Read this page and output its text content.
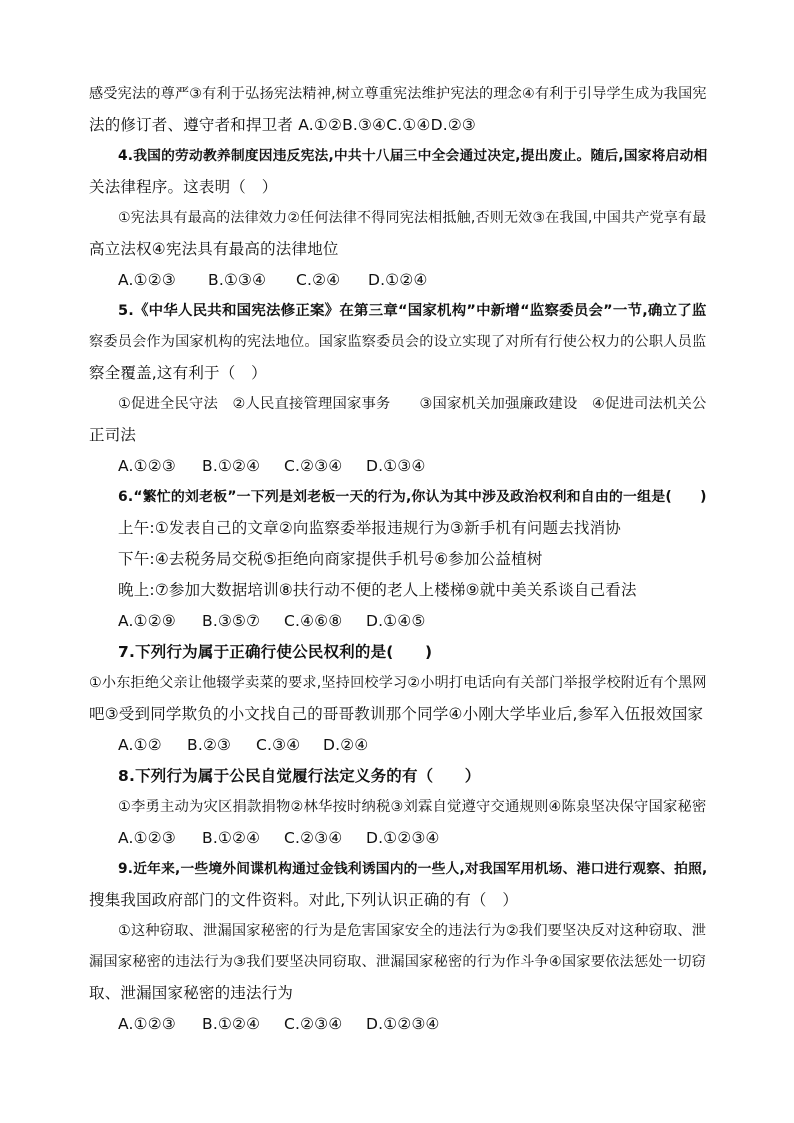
感受宪法的尊严③有利于弘扬宪法精神,树立尊重宪法维护宪法的理念④有利于引导学生成为我国宪
法的修订者、遵守者和捍卫者 A.①②B.③④C.①④D.②③
4.我国的劳动教养制度因违反宪法,中共十八届三中全会通过决定,提出废止。随后,国家将启动相
关法律程序。这表明（　）
①宪法具有最高的法律效力②任何法律不得同宪法相抵触,否则无效③在我国,中国共产党享有最
高立法权④宪法具有最高的法律地位
A.①②③ B.①③④ C.②④ D.①②④
5.《中华人民共和国宪法修正案》在第三章“国家机构”中新增“监察委员会”一节,确立了监
察委员会作为国家机构的宪法地位。国家监察委员会的设立实现了对所有行使公权力的公职人员监
察全覆盖,这有利于（　）
①促进全民守法　②人民直接管理国家事务　　③国家机关加强廉政建设　④促进司法机关公
正司法
A.①②③ B.①②④ C.②③④ D.①③④
6.“繁忙的刘老板”一下列是刘老板一天的行为,你认为其中涉及政治权利和自由的一组是(　　)
上午:①发表自己的文章②向监察委举报违规行为③新手机有问题去找消协
下午:④去税务局交税⑤拒绝向商家提供手机号⑥参加公益植树
晚上:⑦参加大数据培训⑧扶行动不便的老人上楼梯⑨就中美关系谈自己看法
A.①②⑨ B.③⑤⑦ C.④⑥⑧ D.①④⑤
7.下列行为属于正确行使公民权利的是(　　)
①小东拒绝父亲让他辍学卖菜的要求,坚持回校学习②小明打电话向有关部门举报学校附近有个黑网
吧③受到同学欺负的小文找自己的哥哥教训那个同学④小刚大学毕业后,参军入伍报效国家
A.①② B.②③ C.③④ D.②④
8.下列行为属于公民自觉履行法定义务的有（　　）
①李勇主动为灾区捐款捐物②林华按时纳税③刘霖自觉遵守交通规则④陈泉坚决保守国家秘密
A.①②③ B.①②④ C.②③④ D.①②③④
9.近年来,一些境外间谍机构通过金钱利诱国内的一些人,对我国军用机场、港口进行观察、拍照,
搜集我国政府部门的文件资料。对此,下列认识正确的有（　）
①这种窃取、泄漏国家秘密的行为是危害国家安全的违法行为②我们要坚决反对这种窃取、泄
漏国家秘密的违法行为③我们要坚决同窃取、泄漏国家秘密的行为作斗争④国家要依法惩处一切窃
取、泄漏国家秘密的违法行为
A.①②③ B.①②④ C.②③④ D.①②③④
